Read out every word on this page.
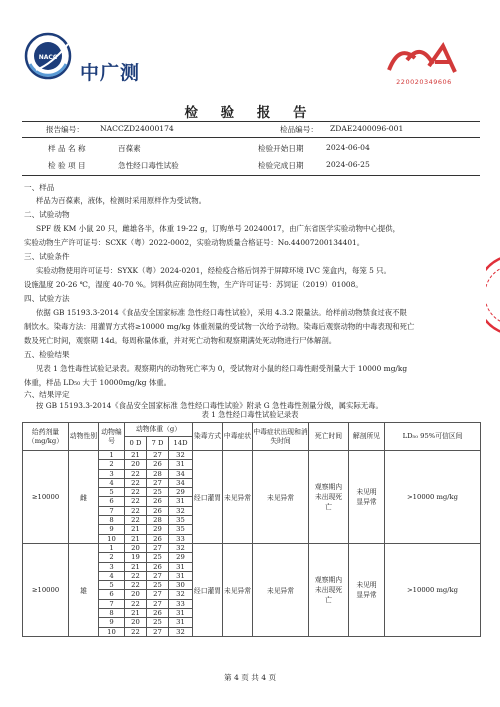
NACC
中广测	220020349606
检 验 报 告
报告编号： NACCZD24000174	检品编号： ZDAE2400096-001
样 品 名 称	百葆素	检验开始日期	2024-06-04
检 验 项 目	急性经口毒性试验	检验完成日期	2024-06-25
一、样品
样品为百葆素，液体，检测时采用原样作为受试物。
二、试验动物
SPF 级 KM 小鼠 20 只，雌雄各半，体重 19-22 g，订购单号 20240017，由广东省医学实验动物中心提供，
实验动物生产许可证号：SCXK（粤）2022-0002，实验动物质量合格证号：No.44007200134401。
三、试验条件
实验动物使用许可证号：SYXK（粤）2024-0201，经检疫合格后饲养于屏障环境 IVC 笼盒内，每笼 5 只。
设施温度 20-26 ℃，湿度 40-70 %。饲料供应商协同生物，生产许可证号：苏饲证（2019）01008。
四、试验方法
依据 GB 15193.3-2014《食品安全国家标准 急性经口毒性试验》，采用 4.3.2 限量法。给样前动物禁食过夜不限
制饮水。染毒方法：用灌胃方式将≥10000 mg/kg 体重剂量的受试物一次给予动物。染毒后观察动物的中毒表现和死亡
数及死亡时间，观察期 14d。每周称量体重，并对死亡动物和观察期满处死动物进行尸体解剖。
五、检验结果
见表 1 急性毒性试验记录表。观察期内的动物死亡率为 0，受试物对小鼠的经口毒性耐受剂量大于 10000 mg/kg
体重，样品 LD₅₀ 大于 10000mg/kg 体重。
六、结果评定
按 GB 15193.3-2014《食品安全国家标准 急性经口毒性试验》附录 G 急性毒性剂量分级，属实际无毒。
表 1 急性经口毒性试验记录表
给药剂量（mg/kg）	动物性别	动物编号	动物体重（g）			染毒方式	中毒症状	中毒症状出现和消失时间	死亡时间	解剖所见	LD₅₀ 95%可信区间
			0 D	7 D	14D						
≥10000	雌	1	21	27	32	经口灌胃	未见异常	未见异常	观察期内未出现死亡	未见明显异常	>10000 mg/kg
		2	20	26	31						
		3	22	28	34						
		4	22	27	34						
		5	22	25	29						
		6	22	26	31						
		7	22	26	32						
		8	22	28	35						
		9	21	29	35						
		10	21	26	33						
≥10000	雄	1	20	27	32	经口灌胃	未见异常	未见异常	观察期内未出现死亡	未见明显异常	>10000 mg/kg
		2	19	25	29						
		3	21	26	31						
		4	22	27	31						
		5	22	25	30						
		6	20	27	32						
		7	22	27	33						
		8	21	26	31						
		9	20	25	31						
		10	22	27	32						
第 4 页 共 4 页
